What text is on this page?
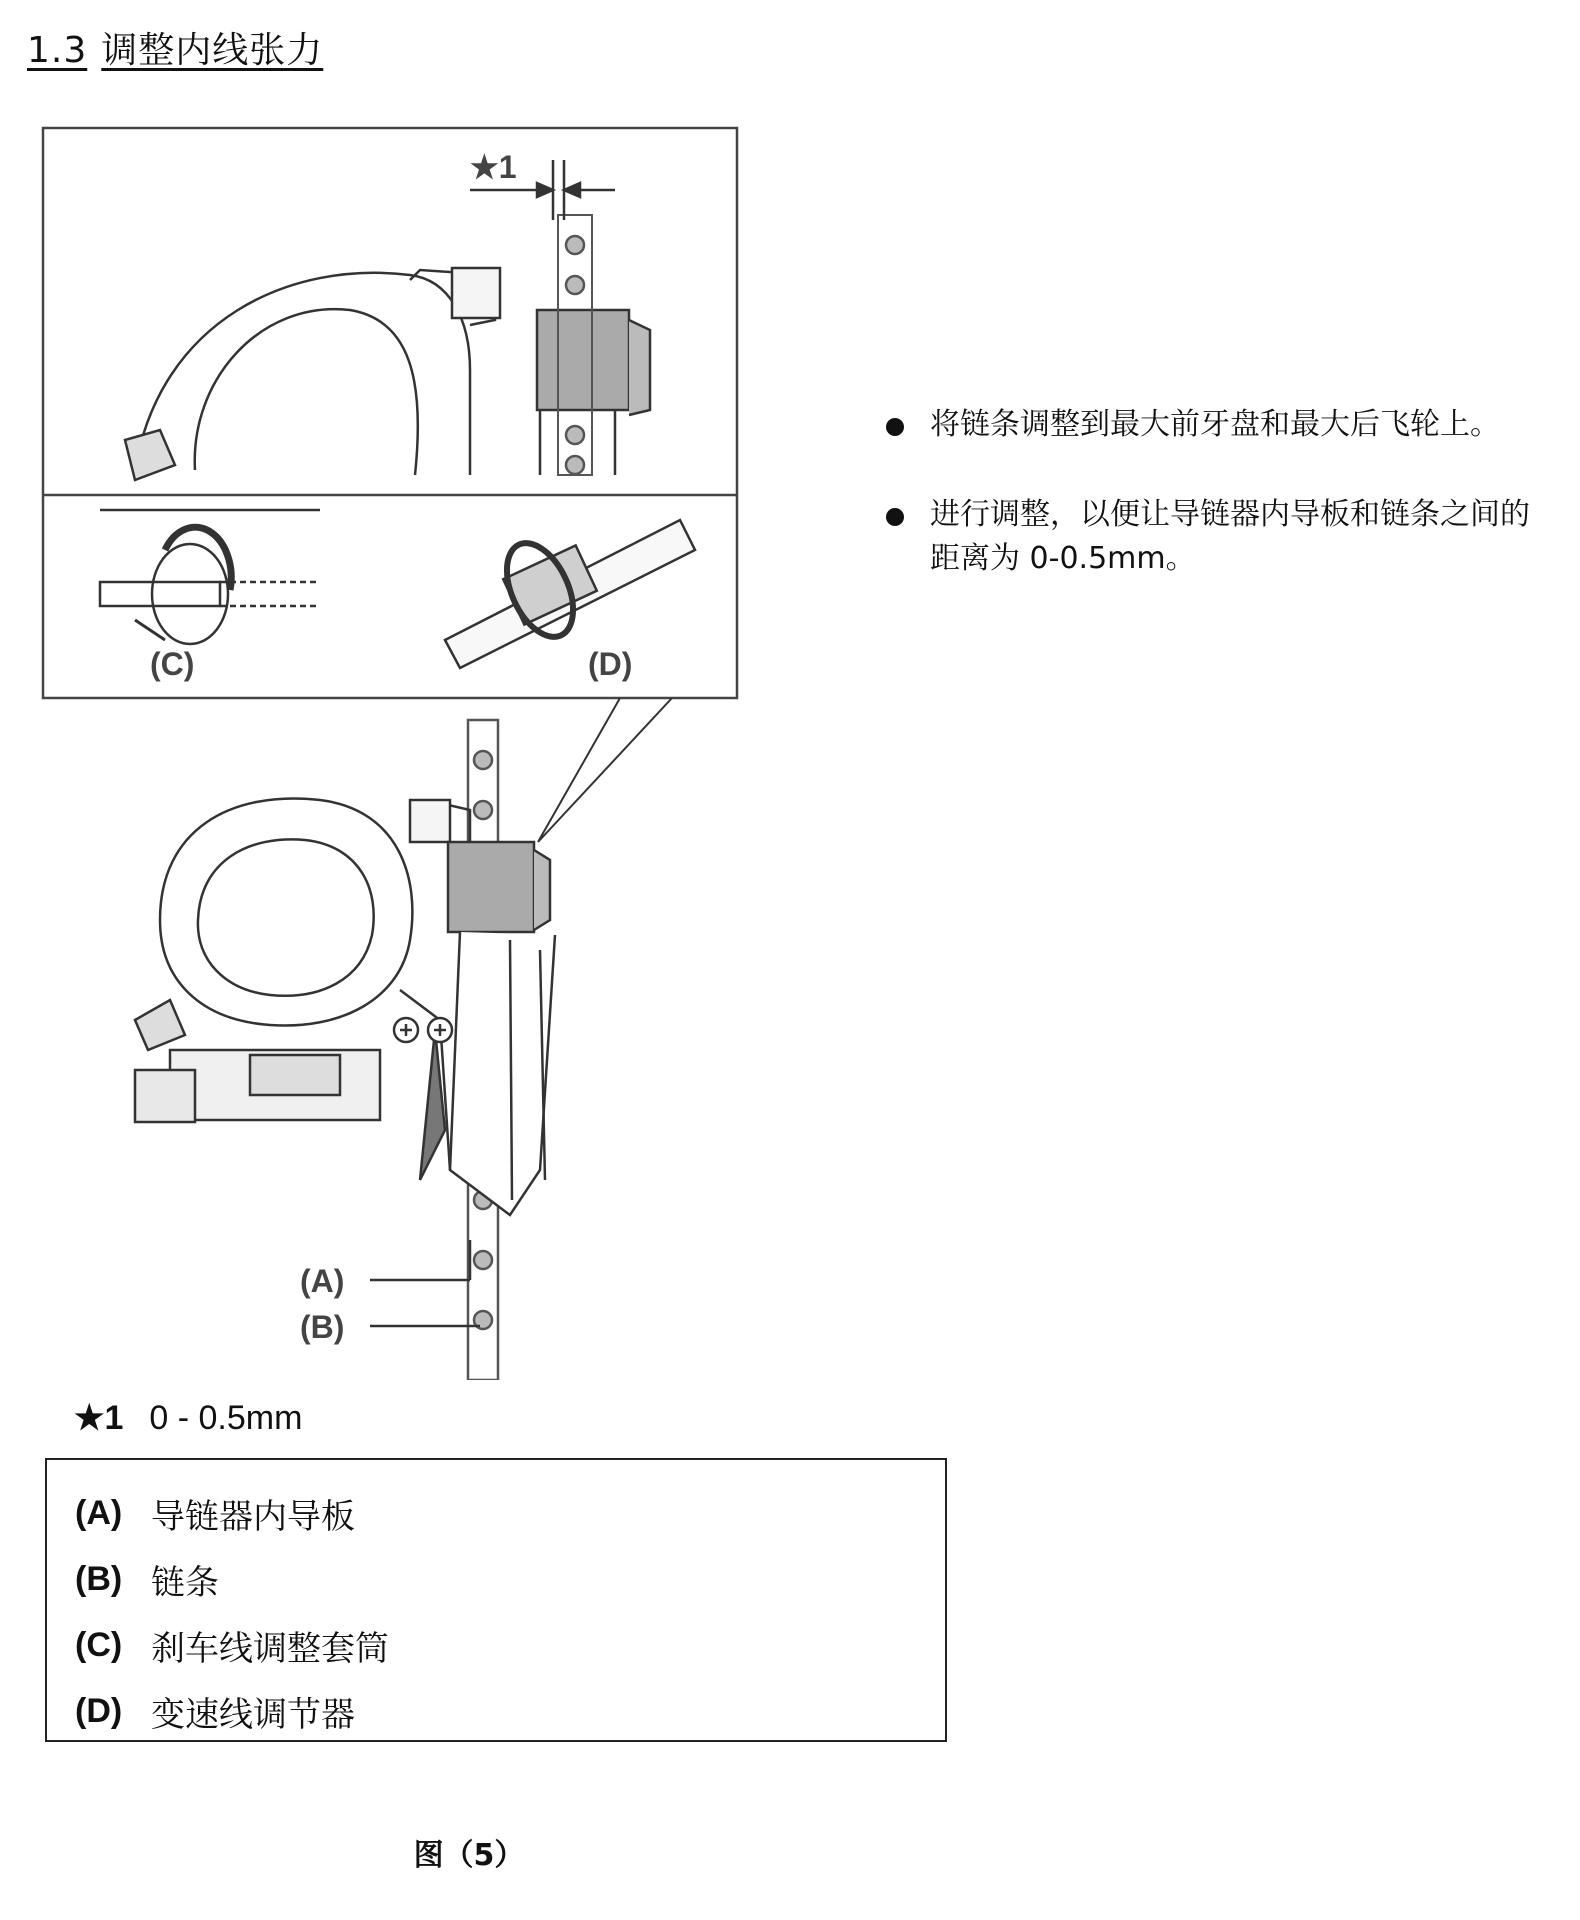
1.3 调整内线张力
★1
(C)	(D)
(A)
(B)
将链条调整到最大前牙盘和最大后飞轮上。
进行调整，以便让导链器内导板和链条之间的距离为 0-0.5mm。
★1 0 - 0.5mm
(A) 导链器内导板
(B) 链条
(C) 刹车线调整套筒
(D) 变速线调节器
图（5）
